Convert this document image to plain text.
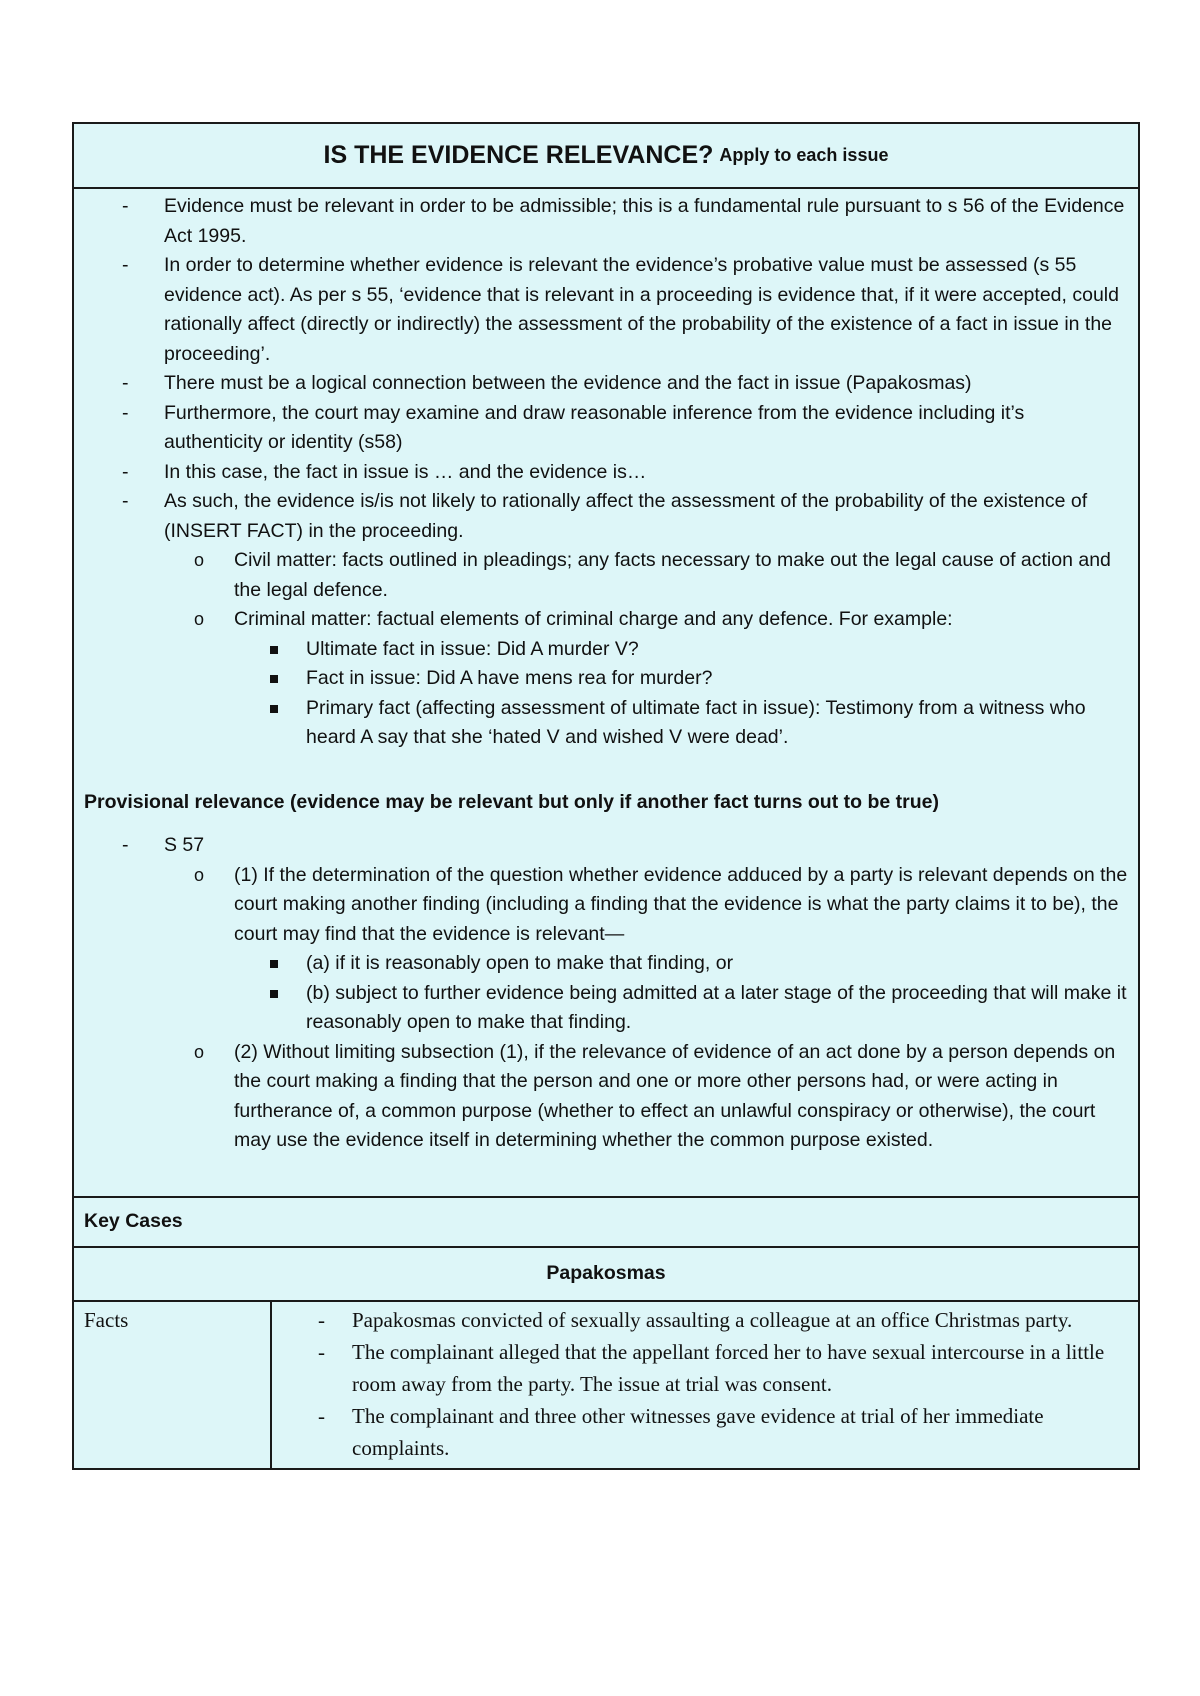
IS THE EVIDENCE RELEVANCE? Apply to each issue
- Evidence must be relevant in order to be admissible; this is a fundamental rule pursuant to s 56 of the Evidence Act 1995.
- In order to determine whether evidence is relevant the evidence’s probative value must be assessed (s 55 evidence act). As per s 55, ‘evidence that is relevant in a proceeding is evidence that, if it were accepted, could rationally affect (directly or indirectly) the assessment of the probability of the existence of a fact in issue in the proceeding’.
- There must be a logical connection between the evidence and the fact in issue (Papakosmas)
- Furthermore, the court may examine and draw reasonable inference from the evidence including it’s authenticity or identity (s58)
- In this case, the fact in issue is … and the evidence is…
- As such, the evidence is/is not likely to rationally affect the assessment of the probability of the existence of (INSERT FACT) in the proceeding.
o Civil matter: facts outlined in pleadings; any facts necessary to make out the legal cause of action and the legal defence.
o Criminal matter: factual elements of criminal charge and any defence. For example:
Ultimate fact in issue: Did A murder V?
Fact in issue: Did A have mens rea for murder?
Primary fact (affecting assessment of ultimate fact in issue): Testimony from a witness who heard A say that she ‘hated V and wished V were dead’.
Provisional relevance (evidence may be relevant but only if another fact turns out to be true)
- S 57
o (1) If the determination of the question whether evidence adduced by a party is relevant depends on the court making another finding (including a finding that the evidence is what the party claims it to be), the court may find that the evidence is relevant—
(a) if it is reasonably open to make that finding, or
(b) subject to further evidence being admitted at a later stage of the proceeding that will make it reasonably open to make that finding.
o (2) Without limiting subsection (1), if the relevance of evidence of an act done by a person depends on the court making a finding that the person and one or more other persons had, or were acting in furtherance of, a common purpose (whether to effect an unlawful conspiracy or otherwise), the court may use the evidence itself in determining whether the common purpose existed.
Key Cases
Papakosmas
Facts
-	Papakosmas convicted of sexually assaulting a colleague at an office Christmas party.
- The complainant alleged that the appellant forced her to have sexual intercourse in a little room away from the party. The issue at trial was consent.
- The complainant and three other witnesses gave evidence at trial of her immediate complaints.
